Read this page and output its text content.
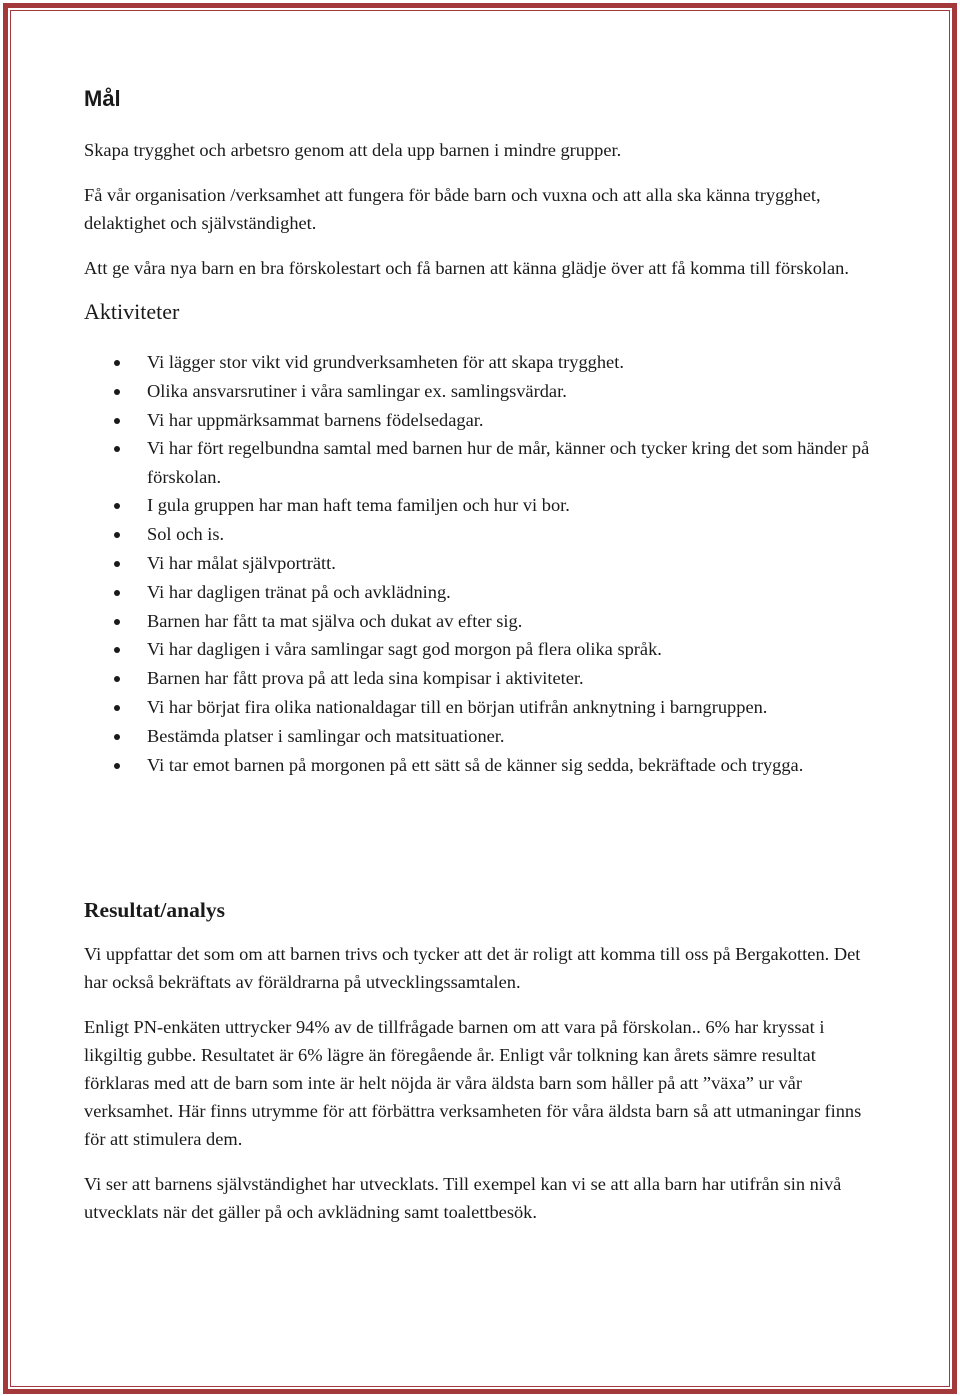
Mål

Skapa trygghet och arbetsro genom att dela upp barnen i mindre grupper.

Få vår organisation /verksamhet att fungera för både barn och vuxna och att alla ska känna trygghet, delaktighet och självständighet.

Att ge våra nya barn en bra förskolestart och få barnen att känna glädje över att få komma till förskolan.

Aktiviteter
Vi lägger stor vikt vid grundverksamheten för att skapa trygghet.
Olika ansvarsrutiner i våra samlingar ex. samlingsvärdar.
Vi har uppmärksammat barnens födelsedagar.
Vi har fört regelbundna samtal med barnen hur de mår, känner och tycker kring det som händer på förskolan.
I gula gruppen har man haft tema familjen och hur vi bor.
Sol och is.
Vi har målat självporträtt.
Vi har dagligen tränat på och avklädning.
Barnen har fått ta mat själva och dukat av efter sig.
Vi har dagligen i våra samlingar sagt god morgon på flera olika språk.
Barnen har fått prova på att leda sina kompisar i aktiviteter.
Vi har börjat fira olika nationaldagar till en början utifrån anknytning i barngruppen.
Bestämda platser i samlingar och matsituationer.
Vi tar emot barnen på morgonen på ett sätt så de känner sig sedda, bekräftade och trygga.
Resultat/analys

Vi uppfattar det som om att barnen trivs och tycker att det är roligt att komma till oss på Bergakotten. Det har också bekräftats av föräldrarna på utvecklingssamtalen.

Enligt PN-enkäten uttrycker 94% av de tillfrågade barnen om att vara på förskolan.. 6% har kryssat i likgiltig gubbe. Resultatet är 6% lägre än föregående år. Enligt vår tolkning kan årets sämre resultat förklaras med att de barn som inte är helt nöjda är våra äldsta barn som håller på att ”växa” ur vår verksamhet. Här finns utrymme för att förbättra verksamheten för våra äldsta barn så att utmaningar finns för att stimulera dem.

Vi ser att barnens självständighet har utvecklats. Till exempel kan vi se att alla barn har utifrån sin nivå utvecklats när det gäller på och avklädning samt toalettbesök.
